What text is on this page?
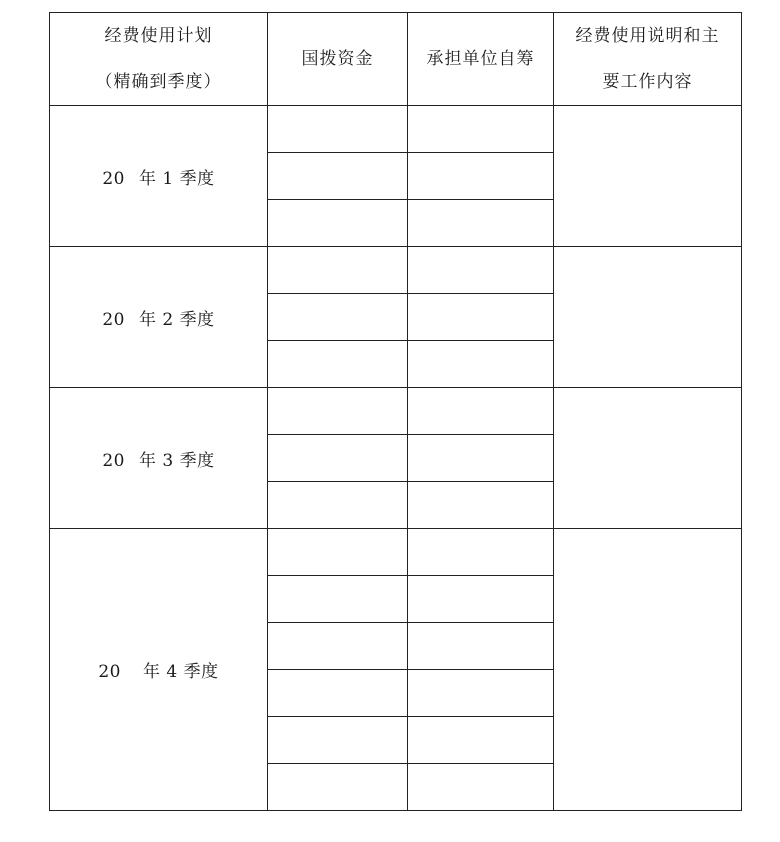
经费使用计划
（精确到季度）	国拨资金	承担单位自筹	经费使用说明和主
要工作内容

20 年 1 季度			

20 年 2 季度			

20 年 3 季度			

20 年 4 季度			
